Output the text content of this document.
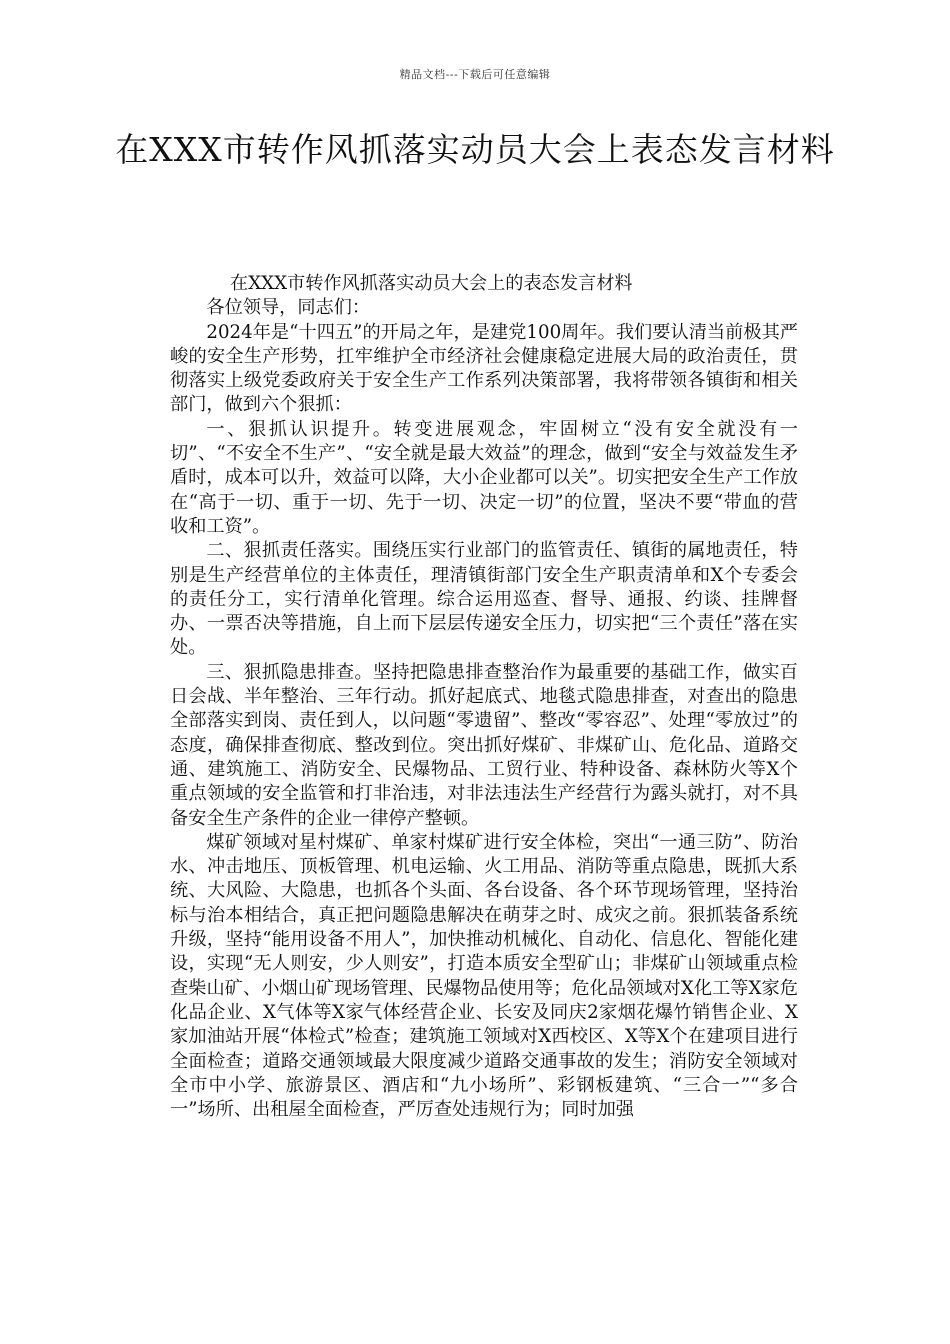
精品文档---下载后可任意编辑
在XXX市转作风抓落实动员大会上表态发言材料

在XXX市转作风抓落实动员大会上的表态发言材料

各位领导，同志们：

2024年是“十四五”的开局之年，是建党100周年。我们要认清当前极其严峻的安全生产形势，扛牢维护全市经济社会健康稳定进展大局的政治责任，贯彻落实上级党委政府关于安全生产工作系列决策部署，我将带领各镇街和相关部门，做到六个狠抓：

一、狠抓认识提升。转变进展观念，牢固树立“没有安全就没有一切”、“不安全不生产”、“安全就是最大效益”的理念，做到“安全与效益发生矛盾时，成本可以升，效益可以降，大小企业都可以关”。切实把安全生产工作放在“高于一切、重于一切、先于一切、决定一切”的位置，坚决不要“带血的营收和工资”。

二、狠抓责任落实。围绕压实行业部门的监管责任、镇街的属地责任，特别是生产经营单位的主体责任，理清镇街部门安全生产职责清单和X个专委会的责任分工，实行清单化管理。综合运用巡查、督导、通报、约谈、挂牌督办、一票否决等措施，自上而下层层传递安全压力，切实把“三个责任”落在实处。

三、狠抓隐患排查。坚持把隐患排查整治作为最重要的基础工作，做实百日会战、半年整治、三年行动。抓好起底式、地毯式隐患排查，对查出的隐患全部落实到岗、责任到人，以问题“零遗留”、整改“零容忍”、处理“零放过”的态度，确保排查彻底、整改到位。突出抓好煤矿、非煤矿山、危化品、道路交通、建筑施工、消防安全、民爆物品、工贸行业、特种设备、森林防火等X个重点领域的安全监管和打非治违，对非法违法生产经营行为露头就打，对不具备安全生产条件的企业一律停产整顿。

煤矿领域对星村煤矿、单家村煤矿进行安全体检，突出“一通三防”、防治水、冲击地压、顶板管理、机电运输、火工用品、消防等重点隐患，既抓大系统、大风险、大隐患，也抓各个头面、各台设备、各个环节现场管理，坚持治标与治本相结合，真正把问题隐患解决在萌芽之时、成灾之前。狠抓装备系统升级，坚持“能用设备不用人”，加快推动机械化、自动化、信息化、智能化建设，实现“无人则安，少人则安”，打造本质安全型矿山；非煤矿山领域重点检查柴山矿、小烟山矿现场管理、民爆物品使用等；危化品领域对X化工等X家危化品企业、X气体等X家气体经营企业、长安及同庆2家烟花爆竹销售企业、X家加油站开展“体检式”检查；建筑施工领域对X西校区、X等X个在建项目进行全面检查；道路交通领域最大限度减少道路交通事故的发生；消防安全领域对全市中小学、旅游景区、酒店和“九小场所”、彩钢板建筑、“三合一”“多合一”场所、出租屋全面检查，严厉查处违规行为；同时加强
